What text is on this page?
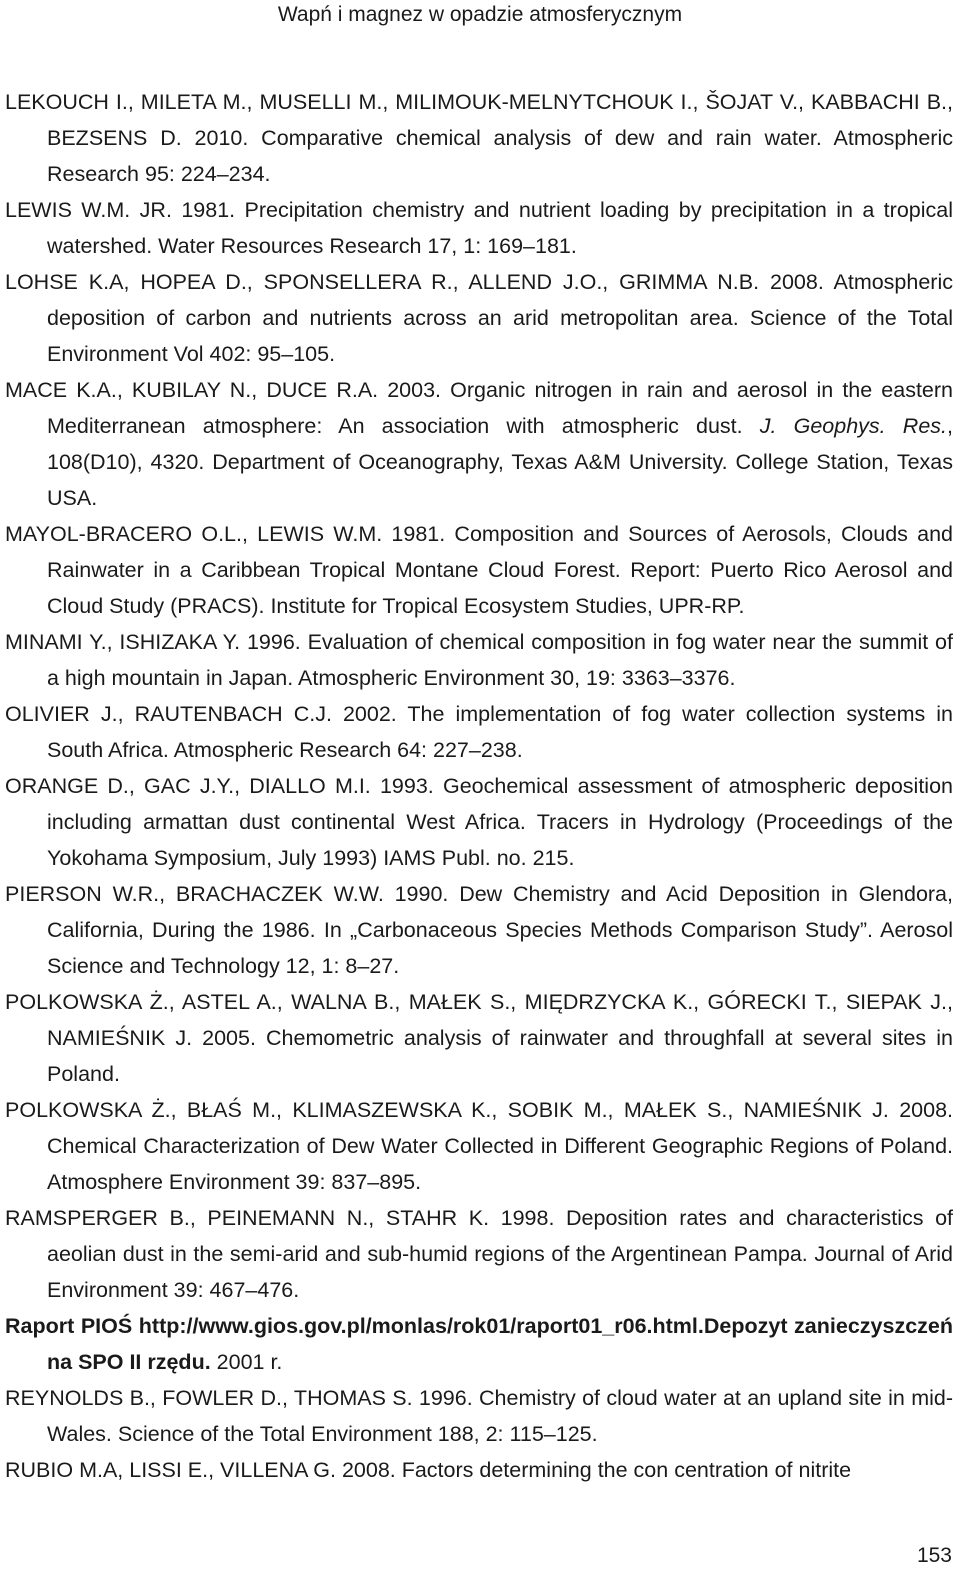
Wapń i magnez w opadzie atmosferycznym

LEKOUCH I., MILETA M., MUSELLI M., MILIMOUK-MELNYTCHOUK I., ŠOJAT V., KABBACHI B., BEZSENS D. 2010. Comparative chemical analysis of dew and rain water. Atmospheric Research 95: 224–234.

LEWIS W.M. JR. 1981. Precipitation chemistry and nutrient loading by precipitation in a tropical watershed. Water Resources Research 17, 1: 169–181.

LOHSE K.A, HOPEA D., SPONSELLERA R., ALLEND J.O., GRIMMA N.B. 2008. Atmospheric deposition of carbon and nutrients across an arid metropolitan area. Science of the Total Environment Vol 402: 95–105.

MACE K.A., KUBILAY N., DUCE R.A. 2003. Organic nitrogen in rain and aerosol in the eastern Mediterranean atmosphere: An association with atmospheric dust. J. Geophys. Res., 108(D10), 4320. Department of Oceanography, Texas A&M University. College Station, Texas USA.

MAYOL-BRACERO O.L., LEWIS W.M. 1981. Composition and Sources of Aerosols, Clouds and Rainwater in a Caribbean Tropical Montane Cloud Forest. Report: Puerto Rico Aerosol and Cloud Study (PRACS). Institute for Tropical Ecosystem Studies, UPR-RP.

MINAMI Y., ISHIZAKA Y. 1996. Evaluation of chemical composition in fog water near the summit of a high mountain in Japan. Atmospheric Environment 30, 19: 3363–3376.

OLIVIER J., RAUTENBACH C.J. 2002. The implementation of fog water collection systems in South Africa. Atmospheric Research 64: 227–238.

ORANGE D., GAC J.Y., DIALLO M.I. 1993. Geochemical assessment of atmospheric deposition including armattan dust continental West Africa. Tracers in Hydrology (Proceedings of the Yokohama Symposium, July 1993) IAMS Publ. no. 215.

PIERSON W.R., BRACHACZEK W.W. 1990. Dew Chemistry and Acid Deposition in Glendora, California, During the 1986. In „Carbonaceous Species Methods Comparison Study”. Aerosol Science and Technology 12, 1: 8–27.

POLKOWSKA Ż., ASTEL A., WALNA B., MAŁEK S., MIĘDRZYCKA K., GÓRECKI T., SIEPAK J., NAMIEŚNIK J. 2005. Chemometric analysis of rainwater and throughfall at several sites in Poland.

POLKOWSKA Ż., BŁAŚ M., KLIMASZEWSKA K., SOBIK M., MAŁEK S., NAMIEŚNIK J. 2008. Chemical Characterization of Dew Water Collected in Different Geographic Regions of Poland. Atmosphere Environment 39: 837–895.

RAMSPERGER B., PEINEMANN N., STAHR K. 1998. Deposition rates and characteristics of aeolian dust in the semi-arid and sub-humid regions of the Argentinean Pampa. Journal of Arid Environment 39: 467–476.

Raport PIOŚ http://www.gios.gov.pl/monlas/rok01/raport01_r06.html.Depozyt zanieczyszczeń na SPO II rzędu. 2001 r.

REYNOLDS B., FOWLER D., THOMAS S. 1996. Chemistry of cloud water at an upland site in mid-Wales. Science of the Total Environment 188, 2: 115–125.

RUBIO M.A, LISSI E., VILLENA G. 2008. Factors determining the con centration of nitrite

153
